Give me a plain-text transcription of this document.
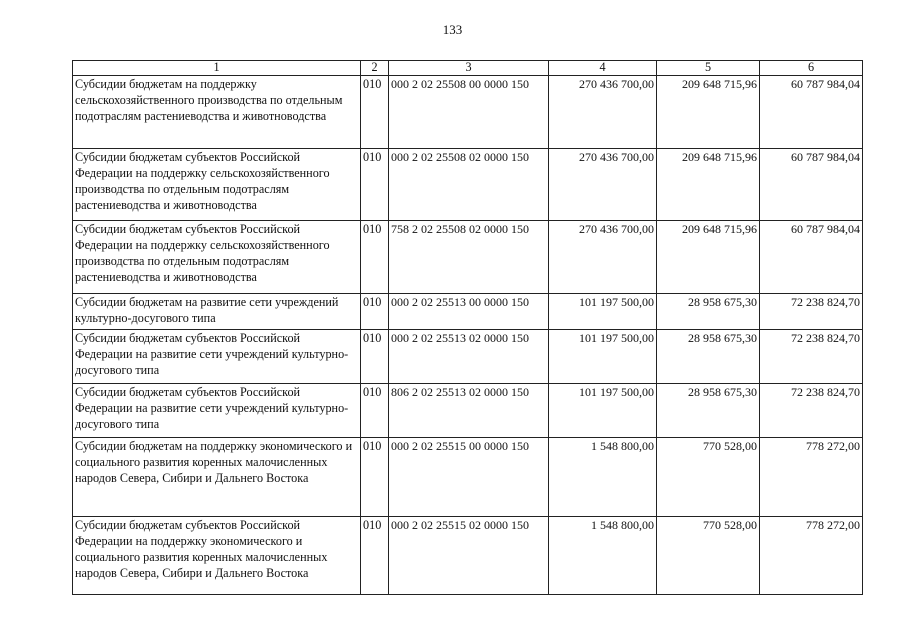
133
1	2	3	4	5	6
Субсидии бюджетам на поддержку сельскохозяйственного производства по отдельным подотраслям растениеводства и животноводства	010	000 2 02 25508 00 0000 150	270 436 700,00	209 648 715,96	60 787 984,04
Субсидии бюджетам субъектов Российской Федерации на поддержку сельскохозяйственного производства по отдельным подотраслям растениеводства и животноводства	010	000 2 02 25508 02 0000 150	270 436 700,00	209 648 715,96	60 787 984,04
Субсидии бюджетам субъектов Российской Федерации на поддержку сельскохозяйственного производства по отдельным подотраслям растениеводства и животноводства	010	758 2 02 25508 02 0000 150	270 436 700,00	209 648 715,96	60 787 984,04
Субсидии бюджетам на развитие сети учреждений культурно-досугового типа	010	000 2 02 25513 00 0000 150	101 197 500,00	28 958 675,30	72 238 824,70
Субсидии бюджетам субъектов Российской Федерации на развитие сети учреждений культурно-досугового типа	010	000 2 02 25513 02 0000 150	101 197 500,00	28 958 675,30	72 238 824,70
Субсидии бюджетам субъектов Российской Федерации на развитие сети учреждений культурно-досугового типа	010	806 2 02 25513 02 0000 150	101 197 500,00	28 958 675,30	72 238 824,70
Субсидии бюджетам на поддержку экономического и социального развития коренных малочисленных народов Севера, Сибири и Дальнего Востока	010	000 2 02 25515 00 0000 150	1 548 800,00	770 528,00	778 272,00
Субсидии бюджетам субъектов Российской Федерации на поддержку экономического и социального развития коренных малочисленных народов Севера, Сибири и Дальнего Востока	010	000 2 02 25515 02 0000 150	1 548 800,00	770 528,00	778 272,00
